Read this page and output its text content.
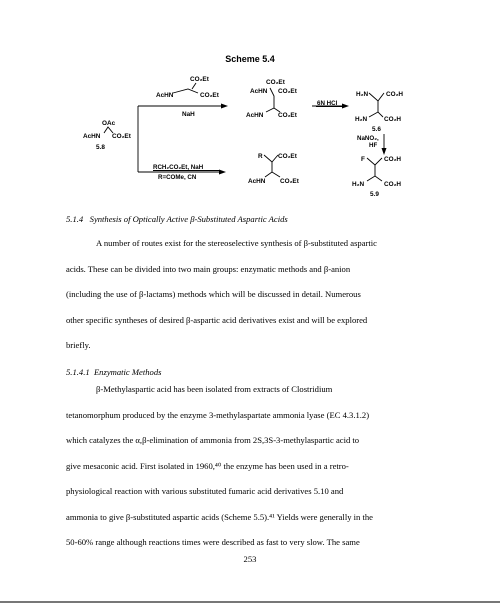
Scheme 5.4
OAc
AcHN CO₂Et
5.8
CO₂Et
AcHN	CO₂Et
NaH
RCH₂CO₂Et, NaH
R=COMe, CN
CO₂Et
AcHN CO₂Et
AcHN CO₂Et
6N HCl
H₂N	CO₂H
H₂N	CO₂H
5.6
NaNO₂,
HF
R CO₂Et
AcHN CO₂Et
F	CO₂H
H₂N	CO₂H
5.9
5.1.4 Synthesis of Optically Active β-Substituted Aspartic Acids
A number of routes exist for the stereoselective synthesis of β-substituted aspartic
acids. These can be divided into two main groups: enzymatic methods and β-anion
(including the use of β-lactams) methods which will be discussed in detail. Numerous
other specific syntheses of desired β-aspartic acid derivatives exist and will be explored
briefly.
5.1.4.1 Enzymatic Methods
β-Methylaspartic acid has been isolated from extracts of Clostridium
tetanomorphum produced by the enzyme 3-methylaspartate ammonia lyase (EC 4.3.1.2)
which catalyzes the α,β-elimination of ammonia from 2S,3S-3-methylaspartic acid to
give mesaconic acid. First isolated in 1960,⁴⁰ the enzyme has been used in a retro-
physiological reaction with various substituted fumaric acid derivatives 5.10 and
ammonia to give β-substituted aspartic acids (Scheme 5.5).⁴¹ Yields were generally in the
50-60% range although reactions times were described as fast to very slow. The same
253
